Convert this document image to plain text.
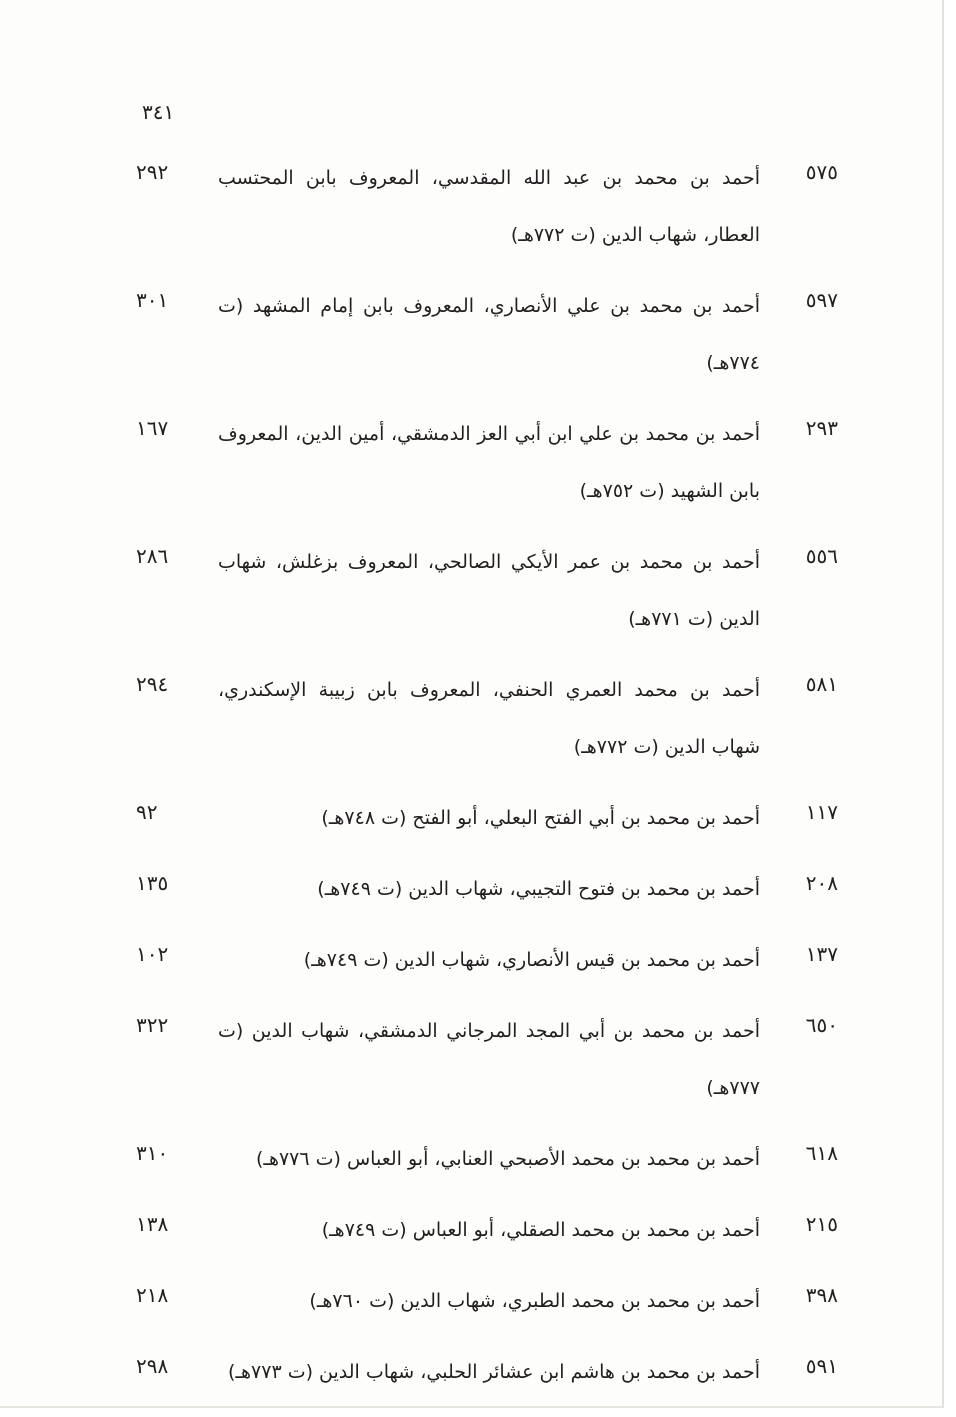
٣٤١
٥٧٥
أحمد بن محمد بن عبد الله المقدسي، المعروف بابن المحتسب العطار، شهاب الدين (ت ٧٧٢هـ)
٢٩٢
٥٩٧
أحمد بن محمد بن علي الأنصاري، المعروف بابن إمام المشهد (ت ٧٧٤هـ)
٣٠١
٢٩٣
أحمد بن محمد بن علي ابن أبي العز الدمشقي، أمين الدين، المعروف بابن الشهيد (ت ٧٥٢هـ)
١٦٧
٥٥٦
أحمد بن محمد بن عمر الأيكي الصالحي، المعروف بزغلش، شهاب الدين (ت ٧٧١هـ)
٢٨٦
٥٨١
أحمد بن محمد العمري الحنفي، المعروف بابن زبيبة الإسكندري، شهاب الدين (ت ٧٧٢هـ)
٢٩٤
١١٧
أحمد بن محمد بن أبي الفتح البعلي، أبو الفتح (ت ٧٤٨هـ)
٩٢
٢٠٨
أحمد بن محمد بن فتوح التجيبي، شهاب الدين (ت ٧٤٩هـ)
١٣٥
١٣٧
أحمد بن محمد بن قيس الأنصاري، شهاب الدين (ت ٧٤٩هـ)
١٠٢
٦٥٠
أحمد بن محمد بن أبي المجد المرجاني الدمشقي، شهاب الدين (ت ٧٧٧هـ)
٣٢٢
٦١٨
أحمد بن محمد بن محمد الأصبحي العنابي، أبو العباس (ت ٧٧٦هـ)
٣١٠
٢١٥
أحمد بن محمد بن محمد الصقلي، أبو العباس (ت ٧٤٩هـ)
١٣٨
٣٩٨
أحمد بن محمد بن محمد الطبري، شهاب الدين (ت ٧٦٠هـ)
٢١٨
٥٩١
أحمد بن محمد بن هاشم ابن عشائر الحلبي، شهاب الدين (ت ٧٧٣هـ)
٢٩٨
